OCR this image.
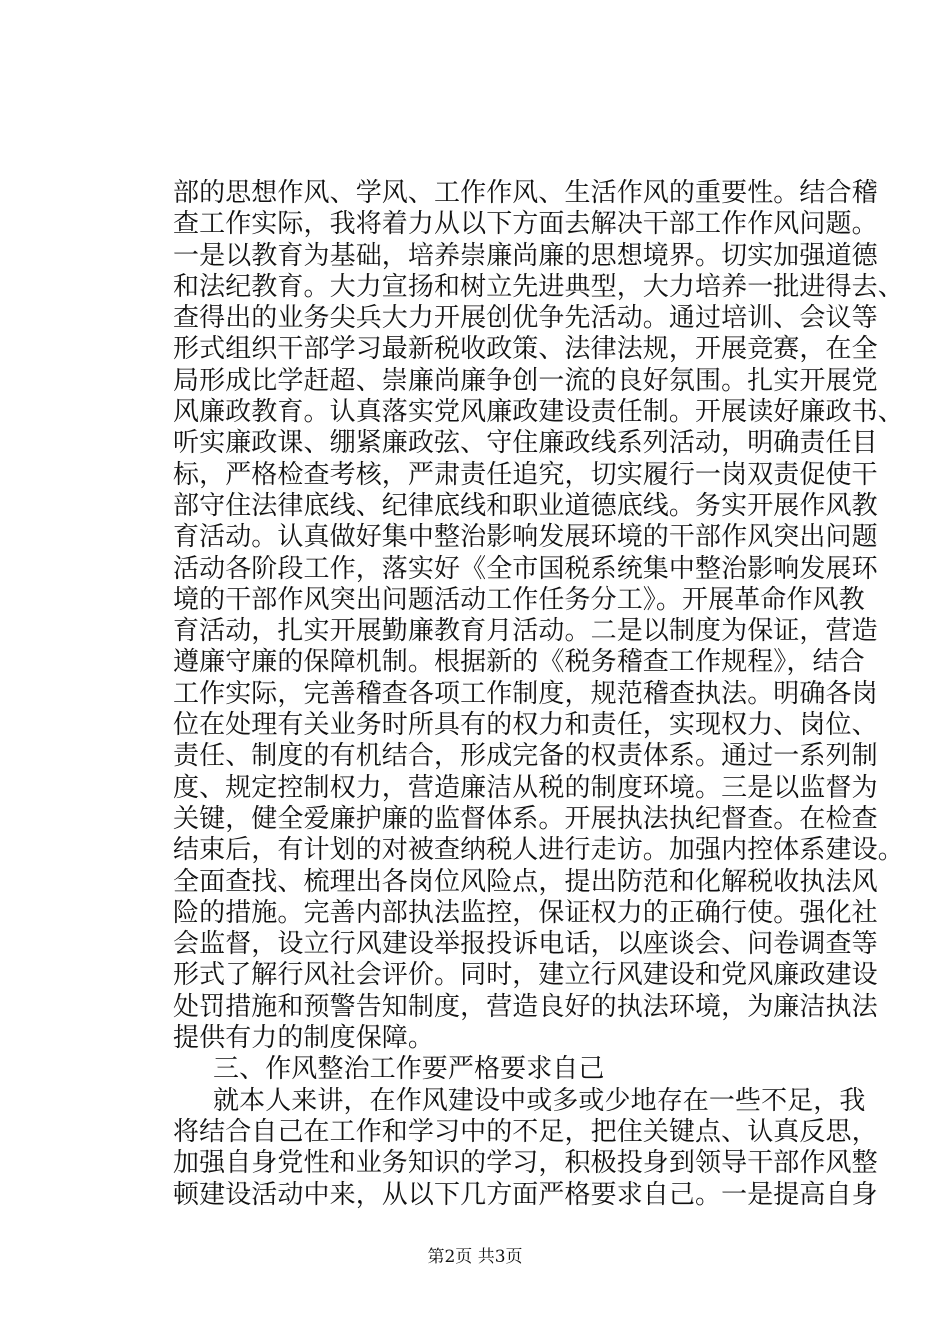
部的思想作风、学风、工作作风、生活作风的重要性。结合稽
查工作实际，我将着力从以下方面去解决干部工作作风问题。
一是以教育为基础，培养崇廉尚廉的思想境界。切实加强道德
和法纪教育。大力宣扬和树立先进典型，大力培养一批进得去、
查得出的业务尖兵大力开展创优争先活动。通过培训、会议等
形式组织干部学习最新税收政策、法律法规，开展竞赛，在全
局形成比学赶超、崇廉尚廉争创一流的良好氛围。扎实开展党
风廉政教育。认真落实党风廉政建设责任制。开展读好廉政书、
听实廉政课、绷紧廉政弦、守住廉政线系列活动，明确责任目
标，严格检查考核，严肃责任追究，切实履行一岗双责促使干
部守住法律底线、纪律底线和职业道德底线。务实开展作风教
育活动。认真做好集中整治影响发展环境的干部作风突出问题
活动各阶段工作，落实好《全市国税系统集中整治影响发展环
境的干部作风突出问题活动工作任务分工》。开展革命作风教
育活动，扎实开展勤廉教育月活动。二是以制度为保证，营造
遵廉守廉的保障机制。根据新的《税务稽查工作规程》，结合
工作实际，完善稽查各项工作制度，规范稽查执法。明确各岗
位在处理有关业务时所具有的权力和责任，实现权力、岗位、
责任、制度的有机结合，形成完备的权责体系。通过一系列制
度、规定控制权力，营造廉洁从税的制度环境。三是以监督为
关键，健全爱廉护廉的监督体系。开展执法执纪督查。在检查
结束后，有计划的对被查纳税人进行走访。加强内控体系建设。
全面查找、梳理出各岗位风险点，提出防范和化解税收执法风
险的措施。完善内部执法监控，保证权力的正确行使。强化社
会监督，设立行风建设举报投诉电话，以座谈会、问卷调查等
形式了解行风社会评价。同时，建立行风建设和党风廉政建设
处罚措施和预警告知制度，营造良好的执法环境，为廉洁执法
提供有力的制度保障。
三、作风整治工作要严格要求自己
就本人来讲，在作风建设中或多或少地存在一些不足，我
将结合自己在工作和学习中的不足，把住关键点、认真反思，
加强自身党性和业务知识的学习，积极投身到领导干部作风整
顿建设活动中来，从以下几方面严格要求自己。一是提高自身
第2页 共3页
